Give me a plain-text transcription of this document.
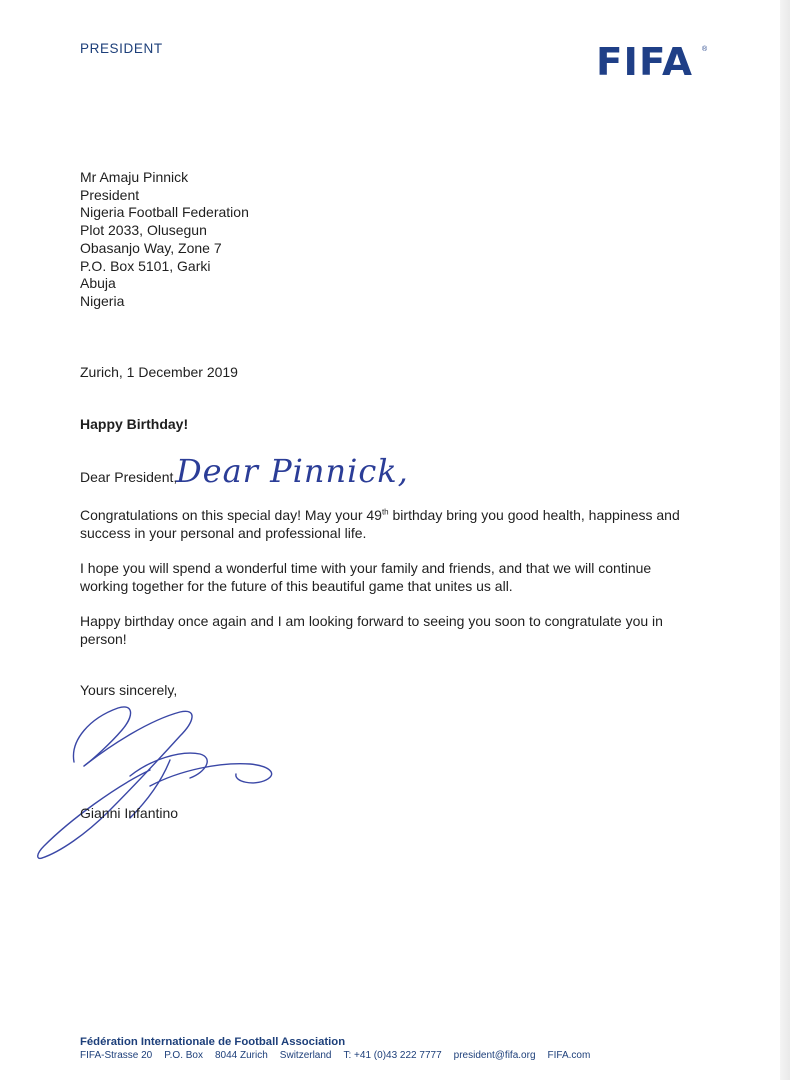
PRESIDENT	FIFA ®
Mr Amaju Pinnick
President
Nigeria Football Federation
Plot 2033, Olusegun
Obasanjo Way, Zone 7
P.O. Box 5101, Garki
Abuja
Nigeria
Zurich, 1 December 2019
Happy Birthday!
Dear President,
Dear Pinnick,
Congratulations on this special day! May your 49th birthday bring you good health, happiness and success in your personal and professional life.
I hope you will spend a wonderful time with your family and friends, and that we will continue working together for the future of this beautiful game that unites us all.
Happy birthday once again and I am looking forward to seeing you soon to congratulate you in person!
Yours sincerely,
Gianni Infantino
Fédération Internationale de Football Association
FIFA-Strasse 20 P.O. Box 8044 Zurich Switzerland T: +41 (0)43 222 7777 president@fifa.org FIFA.com
